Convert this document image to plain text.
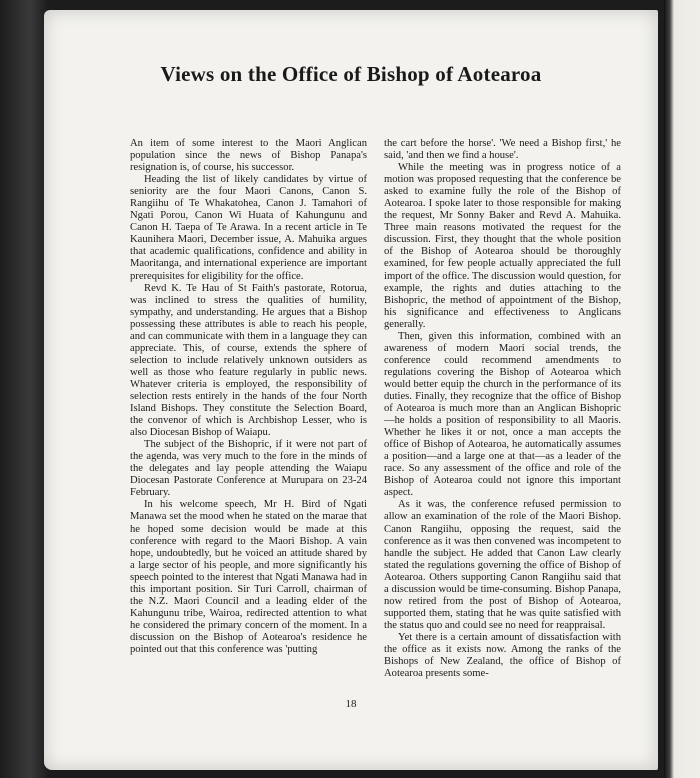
Views on the Office of Bishop of Aotearoa

An item of some interest to the Maori Anglican population since the news of Bishop Panapa's resignation is, of course, his successor.

Heading the list of likely candidates by virtue of seniority are the four Maori Canons, Canon S. Rangiihu of Te Whakatohea, Canon J. Tamahori of Ngati Porou, Canon Wi Huata of Kahungunu and Canon H. Taepa of Te Arawa. In a recent article in Te Kaunihera Maori, December issue, A. Mahuika argues that academic qualifications, confidence and ability in Maoritanga, and international experience are important prerequisites for eligibility for the office.

Revd K. Te Hau of St Faith's pastorate, Rotorua, was inclined to stress the qualities of humility, sympathy, and understanding. He argues that a Bishop possessing these attributes is able to reach his people, and can communicate with them in a language they can appreciate. This, of course, extends the sphere of selection to include relatively unknown outsiders as well as those who feature regularly in public news. Whatever criteria is employed, the responsibility of selection rests entirely in the hands of the four North Island Bishops. They constitute the Selection Board, the convenor of which is Archbishop Lesser, who is also Diocesan Bishop of Waiapu.

The subject of the Bishopric, if it were not part of the agenda, was very much to the fore in the minds of the delegates and lay people attending the Waiapu Diocesan Pastorate Conference at Murupara on 23-24 February.

In his welcome speech, Mr H. Bird of Ngati Manawa set the mood when he stated on the marae that he hoped some decision would be made at this conference with regard to the Maori Bishop. A vain hope, undoubtedly, but he voiced an attitude shared by a large sector of his people, and more significantly his speech pointed to the interest that Ngati Manawa had in this important position. Sir Turi Carroll, chairman of the N.Z. Maori Council and a leading elder of the Kahungunu tribe, Wairoa, redirected attention to what he considered the primary concern of the moment. In a discussion on the Bishop of Aotearoa's residence he pointed out that this conference was 'putting

the cart before the horse'. 'We need a Bishop first,' he said, 'and then we find a house'.

While the meeting was in progress notice of a motion was proposed requesting that the conference be asked to examine fully the role of the Bishop of Aotearoa. I spoke later to those responsible for making the request, Mr Sonny Baker and Revd A. Mahuika. Three main reasons motivated the request for the discussion. First, they thought that the whole position of the Bishop of Aotearoa should be thoroughly examined, for few people actually appreciated the full import of the office. The discussion would question, for example, the rights and duties attaching to the Bishopric, the method of appointment of the Bishop, his significance and effectiveness to Anglicans generally.

Then, given this information, combined with an awareness of modern Maori social trends, the conference could recommend amendments to regulations covering the Bishop of Aotearoa which would better equip the church in the performance of its duties. Finally, they recognize that the office of Bishop of Aotearoa is much more than an Anglican Bishopric—he holds a position of responsibility to all Maoris. Whether he likes it or not, once a man accepts the office of Bishop of Aotearoa, he automatically assumes a position—and a large one at that—as a leader of the race. So any assessment of the office and role of the Bishop of Aotearoa could not ignore this important aspect.

As it was, the conference refused permission to allow an examination of the role of the Maori Bishop. Canon Rangiihu, opposing the request, said the conference as it was then convened was incompetent to handle the subject. He added that Canon Law clearly stated the regulations governing the office of Bishop of Aotearoa. Others supporting Canon Rangiihu said that a discussion would be time-consuming. Bishop Panapa, now retired from the post of Bishop of Aotearoa, supported them, stating that he was quite satisfied with the status quo and could see no need for reappraisal.

Yet there is a certain amount of dissatisfaction with the office as it exists now. Among the ranks of the Bishops of New Zealand, the office of Bishop of Aotearoa presents some-

18
